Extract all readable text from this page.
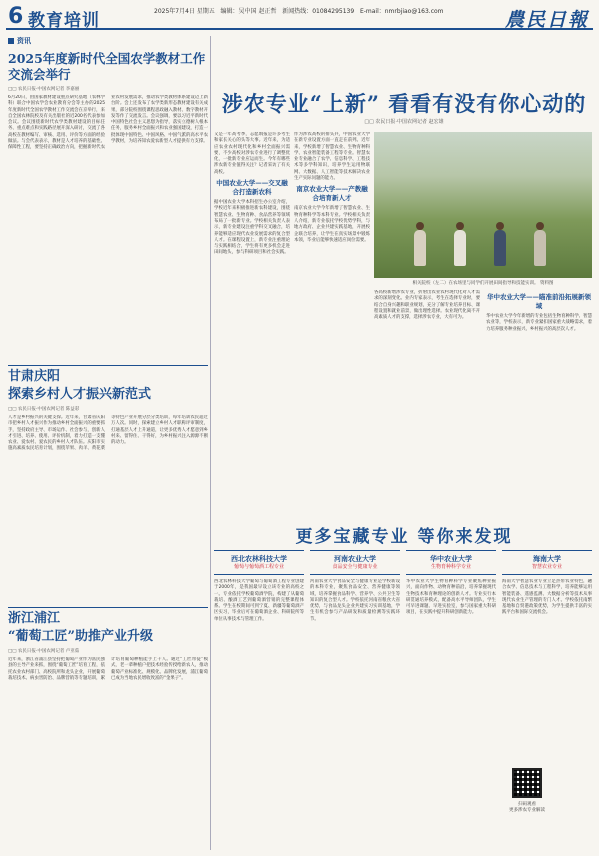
6 教育培训	2025年7月4日 星期五 编辑：吴中国 赵正哲 新闻热线：01084295139 E-mail：nmrbjiao@163.com	農民日報
资讯
2025年度新时代全国农学教材工作交流会举行
□□ 农民日报·中国农网记者 李嘉丽
6月20日，由国家教材建设重点研究基地（农林学科）联合中国农学会农业教育分会等主办的2025年度新时代全国农学教材工作交流会在京举行，来自全国农林院校及有关出版社的近200名代表参加会议。会议围绕新时代农学类教材建设的目标任务、重点难点和实践路径展开深入研讨，交流了各高校在教材编写、审核、选用、评价等方面的经验做法。与会代表表示，教材是人才培养的基础性、保障性工程，要坚持正确政治方向，把握新时代农业农村发展需求，推动农学类教材体系建设迈上新台阶。会上还发布了农学类新形态教材建设有关成果，部分院校围绕课程思政融入教材、数字教材开发等作了交流发言。会议强调，要以习近平新时代中国特色社会主义思想为指导，落实立德树人根本任务，服务乡村全面振兴和农业强国建设，打造一批体现中国特色、中国风格、中国气派的高水平农学教材，为培养知农爱农新型人才提供有力支撑。
甘肃庆阳
探索乡村人才振兴新范式
□□ 农民日报·中国农网记者 陈益彩
人才是乡村振兴的关键支撑。近年来，甘肃省庆阳市把乡村人才振兴作为推动乡村全面振兴的重要抓手，坚持政府主导、市场运作、社会参与，创新人才引进、培养、使用、评价机制，着力打造一支懂农业、爱农村、爱农民的乡村人才队伍。庆阳市实施高素质农民培育计划，围绕苹果、肉羊、黄花菜等特色产业开展分层分类培训，每年培训农民超过万人次。同时，探索建立乡村人才职称评审制度，打通基层人才上升通道，让更多优秀人才愿意到乡村来、留得住、干得好，为乡村振兴注入源源不断的动力。
浙江浦江
“葡萄工匠”助推产业升级
□□ 农民日报·中国农网记者 卢亚茹
近年来，浙江省浦江县坚持把葡萄产业作为富民强县的主导产业来抓，围绕“葡萄工匠”培育工程，依托农业农村部门、高校院所和龙头企业，开展葡萄栽培技术、病虫害防治、品牌营销等专题培训，累计培育葡萄种植能手上千人。通过“工匠带徒”模式，老一辈种植户把技术经验传授给新农人，推动葡萄产业标准化、规模化、品牌化发展，浦江葡萄已成为当地农民增收致富的“金果子”。
涉农专业“上新” 看看有没有你心动的
□□ 农民日报·中国农网记者 赵宏雄
又是一年高考季，志愿填报是许多考生和家长关心的头等大事。近年来，为适应农业农村现代化和乡村全面振兴需要，不少高校对涉农专业进行了调整优化，一批新专业应运而生。今年有哪些涉农新专业值得关注？记者采访了有关高校。
中国农业大学——交叉融合打造新农科
据中国农业大学本科招生办公室介绍，学校近年来积极推进新农科建设，围绕智慧农业、生物育种、食品营养等领域布局了一批新专业。学校相关负责人表示，新专业建设注重学科交叉融合，培养能够适应现代农业发展需求的复合型人才。在课程设置上，新专业注重理论与实践相结合，学生将有更多机会走进田间地头，参与科研项目和社会实践。
作为涉农高校的排头兵，中国农业大学在新专业设置方面一直走在前列。近年来，学校新增了智慧农业、生物育种科学、农业智能装备工程等专业。智慧农业专业融合了农学、信息科学、工程技术等多学科知识，培养学生运用物联网、大数据、人工智能等技术解决农业生产实际问题的能力。
南京农业大学——产教融合培育新人才
南京农业大学今年新增了智慧农业、生物育种科学等本科专业。学校相关负责人介绍，新专业依托学校优势学科，与地方政府、企业共建实践基地，开展校企联合培养，让学生在真实场景中锻炼本领，毕业后能够快速适应岗位需要。
相关院校（左二）在农场里与同学们开展田间指导和技能实训。 资料图
各高校新增涉农专业，折射出农业农村现代化对人才需求的深刻变化。业内专家表示，考生在选择专业时，要结合自身兴趣和职业规划，充分了解专业培养目标、课程设置和就业前景，做出理性选择。农业现代化离不开高素质人才的支撑，选择涉农专业，大有可为。
华中农业大学——瞄准前沿拓展新领域
华中农业大学今年新增的专业包括生物育种科学、智慧农业等，学校表示，新专业紧扣国家重大战略需求，着力培养服务种业振兴、乡村振兴的高层次人才。
更多宝藏专业 等你来发现
西北农林科技大学
葡萄与葡萄酒工程专业
西北农林科技大学葡萄与葡萄酒工程专业创建于2000年，是我国最早设立该专业的高校之一。专业依托学校葡萄酒学院，构建了从葡萄栽培、酿酒工艺到葡萄酒营销的完整课程体系。学生在校期间可到宁夏、新疆等葡萄酒产区实习，毕业后可在葡萄酒企业、科研院所等单位从事技术与管理工作。
河南农业大学
食品安全与健康专业
河南农业大学食品安全与健康专业是学校新设的本科专业，聚焦食品安全、营养健康等领域，培养掌握食品科学、营养学、公共卫生等知识的复合型人才。学校依托河南省粮食大省优势，与食品龙头企业共建实习实训基地，学生有机会参与产品研发和质量检测等实践环节。
华中农业大学
生物育种科学专业
华中农业大学生物育种科学专业聚焦种业振兴，面向作物、动物育种前沿，培养掌握现代生物技术和育种理论的创新人才。专业实行本研贯通培养模式，配备高水平导师团队，学生可早进课题、早进实验室，参与国家重大科研项目，在实践中提升科研创新能力。
海南大学
智慧农业专业
海南大学智慧农业专业立足热带农业特色，融合农学、信息技术与工程科学，培养能够运用智能装备、遥感监测、大数据分析等技术从事现代农业生产管理的专门人才。学校依托南繁基地和自贸港政策优势，为学生提供丰富的实践平台和国际交流机会。
扫码观看
更多涉农专业解读
